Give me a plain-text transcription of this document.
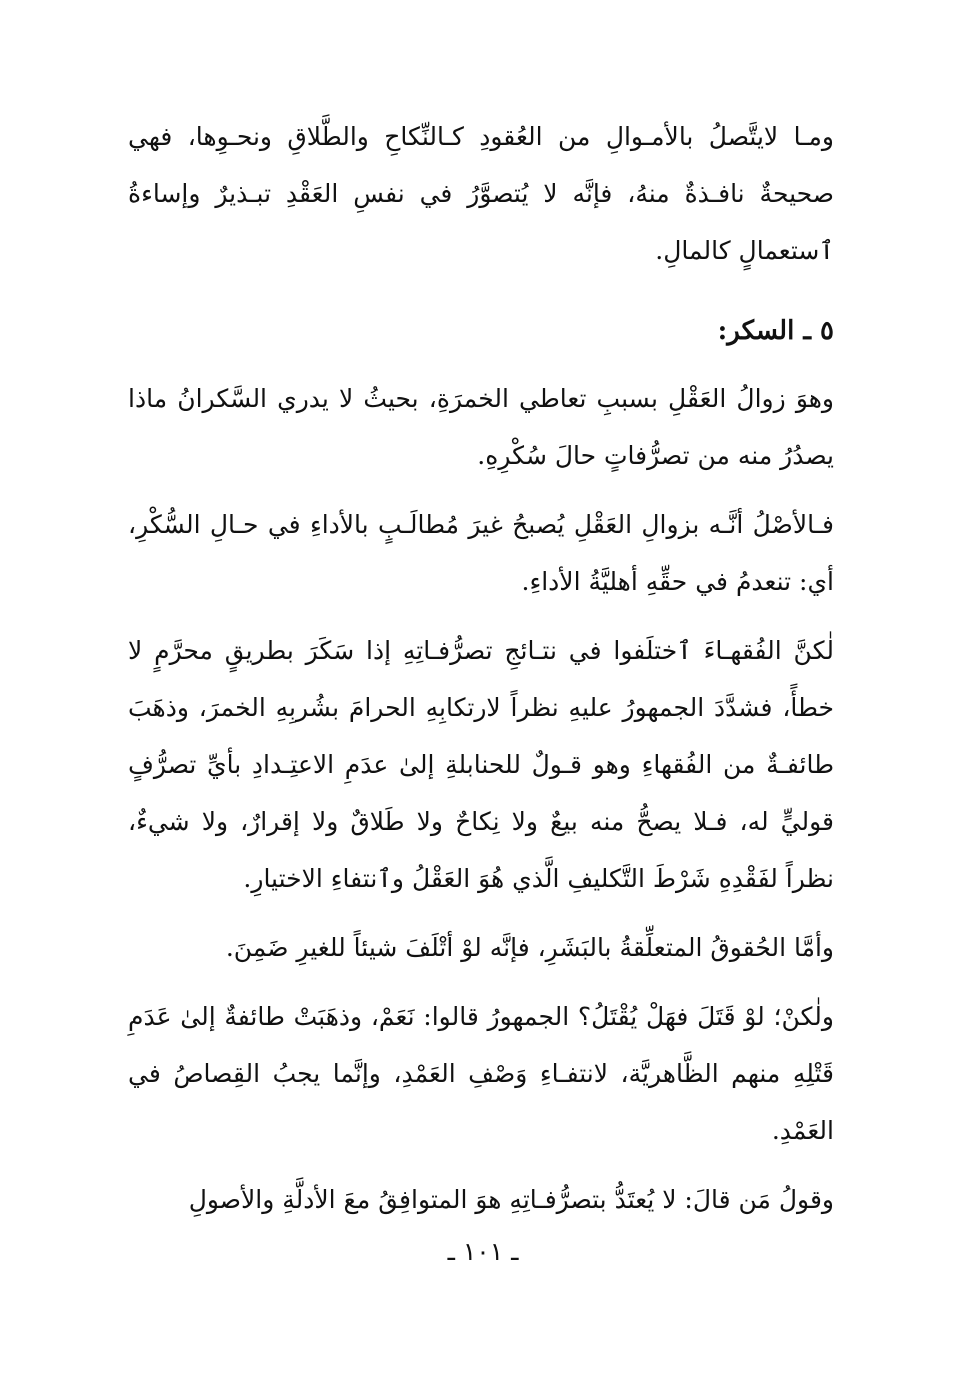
ومـا لايتَّصلُ بالأمـوالِ من العُقودِ كـالنِّكاحِ والطَّلاقِ ونحـوِها، فهي صحيحةٌ نافـذةٌ منهُ، فإنَّه لا يُتصوَّرُ في نفسِ العَقْدِ تبـذيرٌ وإساءةُ ٱستعمالٍ كالمالِ.

٥ ـ السكر:

وهوَ زوالُ العَقْلِ بسببِ تعاطي الخمرَةِ، بحيثُ لا يدري السَّكرانُ ماذا يصدُرُ منه من تصرُّفاتٍ حالَ سُكْرِهِ.

فـالأصْلُ أنَّـه بزوالِ العَقْلِ يُصبحُ غيرَ مُطالَـبٍ بالأداءِ في حـالِ السُّكْرِ، أي: تنعدمُ في حقِّهِ أهليَّةُ الأداءِ.

لٰكنَّ الفُقهـاءَ ٱختلَفوا في نتـائجِ تصرُّفـاتِهِ إذا سَكَرَ بطريقٍ محرَّمٍ لا خطأً، فشدَّدَ الجمهورُ عليهِ نظراً لارتكابِهِ الحرامَ بشُربِهِ الخمرَ، وذهَبَ طائفـةٌ من الفُقهاءِ وهو قـولٌ للحنابلةِ إلىٰ عدَمِ الاعتِـدادِ بأيِّ تصرُّفٍ قوليٍّ له، فـلا يصحُّ منه بيعٌ ولا نِكاحٌ ولا طَلاقٌ ولا إقرارٌ، ولا شيءٌ، نظراً لفَقْدِهِ شَرْطَ التَّكليفِ الَّذي هُوَ العَقْلُ وٱنتفاءِ الاختيارِ.

وأمَّا الحُقوقُ المتعلِّقةُ بالبَشَرِ، فإنَّه لوْ أتْلَفَ شيئاً للغيرِ ضَمِنَ.

ولٰكنْ؛ لوْ قَتَلَ فهَلْ يُقْتَلُ؟ الجمهورُ قالوا: نَعَمْ، وذهَبَتْ طائفةٌ إلىٰ عَدَمِ قَتْلِهِ منهم الظَّاهريَّة، لانتفـاءِ وَصْفِ العَمْدِ، وإنَّما يجبُ القِصاصُ في العَمْدِ.

وقولُ مَن قالَ: لا يُعتَدُّ بتصرُّفـاتِهِ هوَ المتوافِقُ معَ الأدلَّةِ والأصولِ

ـ ١٠١ ـ
